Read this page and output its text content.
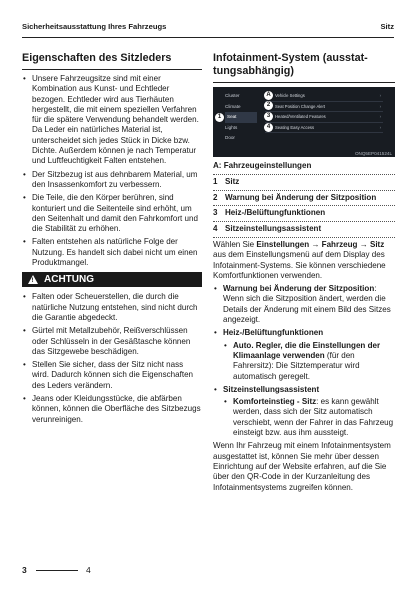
Sicherheitsausstattung Ihres Fahrzeugs	Sitz
Eigenschaften des Sitzleders
• Unsere Fahrzeugsitze sind mit einer Kombination aus Kunst- und Echtleder bezogen. Echtleder wird aus Tierhäuten hergestellt, die mit einem speziellen Verfahren für die spätere Verwendung behandelt werden. Da Leder ein natürliches Material ist, unterscheidet sich jedes Stück in Dicke bzw. Dichte. Außerdem können je nach Temperatur und Luftfeuchtigkeit Falten entstehen.
• Der Sitzbezug ist aus dehnbarem Material, um den Insassenkomfort zu verbessern.
• Die Teile, die den Körper berühren, sind konturiert und die Seitenteile sind erhöht, um den Seitenhalt und damit den Fahrkomfort und die Stabilität zu erhöhen.
• Falten entstehen als natürliche Folge der Nutzung. Es handelt sich dabei nicht um einen Produktmangel.
! ACHTUNG
• Falten oder Scheuerstellen, die durch die natürliche Nutzung entstehen, sind nicht durch die Garantie abgedeckt.
• Gürtel mit Metallzubehör, Reißverschlüssen oder Schlüsseln in der Gesäßtasche können das Sitzgewebe beschädigen.
• Stellen Sie sicher, dass der Sitz nicht nass wird. Dadurch können sich die Eigenschaften des Leders verändern.
• Jeans oder Kleidungsstücke, die abfärben können, können die Oberfläche des Sitzbezugs verunreinigen.
Infotainment-System (ausstat-
tungsabhängig)
Cluster
Climate
Seat
Lights
Door
Vehicle Settings ›
Seat Position Change Alert ›
Heated/Ventilated Features ›
Seating Easy Access ›
A
1
2
3
4
ONQ5EP041524L
A: Fahrzeugeinstellungen
1 Sitz
2 Warnung bei Änderung der Sitzposition
3 Heiz-/Belüftungfunktionen
4 Sitzeinstellungsassistent

Wählen Sie Einstellungen → Fahrzeug → Sitz aus dem Einstellungsmenü auf dem Display des Infotainment-Systems. Sie können verschiedene Komfortfunktionen verwenden.

• Warnung bei Änderung der Sitzposition: Wenn sich die Sitzposition ändert, werden die Details der Änderung mit einem Bild des Sitzes angezeigt.
• Heiz-/Belüftungfunktionen
• Auto. Regler, die die Einstellungen der Klimaanlage verwenden (für den Fahrersitz): Die Sitztemperatur wird automatisch geregelt.
• Sitzeinstellungsassistent
• Komforteinstieg - Sitz: es kann gewählt werden, dass sich der Sitz automatisch verschiebt, wenn der Fahrer in das Fahrzeug einsteigt bzw. aus ihm aussteigt.

Wenn Ihr Fahrzeug mit einem Infotainmentsystem ausgestattet ist, können Sie mehr über dessen Einrichtung auf der Website erfahren, auf die Sie über den QR-Code in der Kurzanleitung des Infotainmentsystems zugreifen können.

3	4
